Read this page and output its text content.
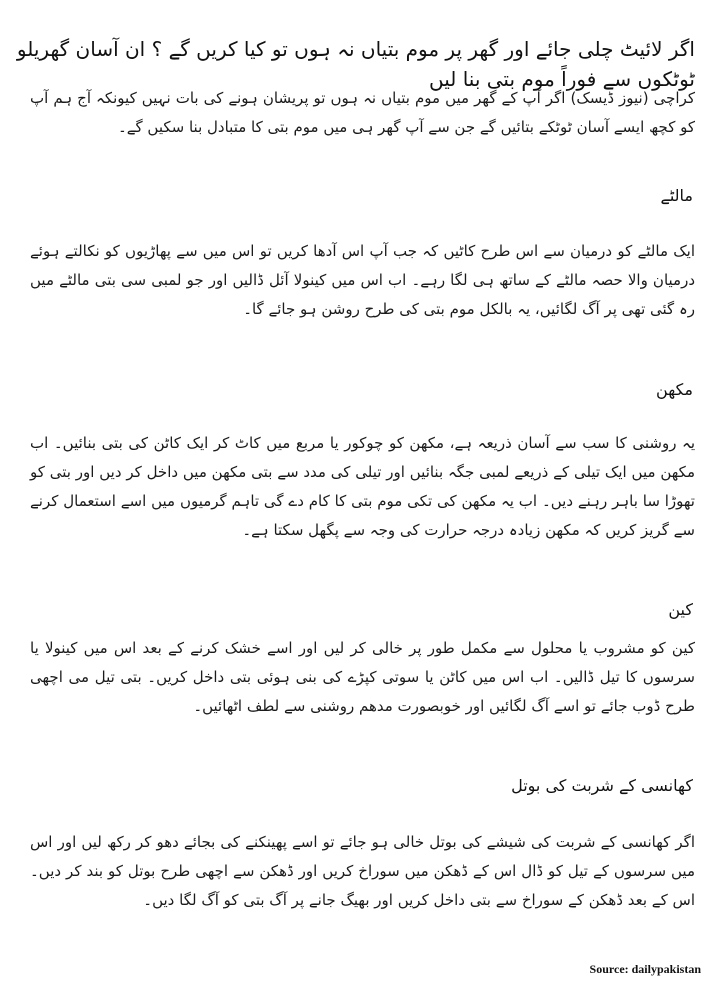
اگر لائیٹ چلی جائے اور گھر پر موم بتیاں نہ ہوں تو کیا کریں گے ؟ ان آسان گھریلو ٹوٹکوں سے فوراً موم بتی بنا لیں

کراچی (نیوز ڈیسک) اگر آپ کے گھر میں موم بتیاں نہ ہوں تو پریشان ہونے کی بات نہیں کیونکہ آج ہم آپ کو کچھ ایسے آسان ٹوٹکے بتائیں گے جن سے آپ گھر ہی میں موم بتی کا متبادل بنا سکیں گے۔

مالٹے

ایک مالٹے کو درمیان سے اس طرح کاٹیں کہ جب آپ اس آدھا کریں تو اس میں سے پھاڑیوں کو نکالتے ہوئے درمیان والا حصہ مالٹے کے ساتھ ہی لگا رہے۔ اب اس میں کینولا آئل ڈالیں اور جو لمبی سی بتی مالٹے میں رہ گئی تھی پر آگ لگائیں، یہ بالکل موم بتی کی طرح روشن ہو جائے گا۔

مکھن

یہ روشنی کا سب سے آسان ذریعہ ہے، مکھن کو چوکور یا مربع میں کاٹ کر ایک کاٹن کی بتی بنائیں۔ اب مکھن میں ایک تیلی کے ذریعے لمبی جگہ بنائیں اور تیلی کی مدد سے بتی مکھن میں داخل کر دیں اور بتی کو تھوڑا سا باہر رہنے دیں۔ اب یہ مکھن کی تکی موم بتی کا کام دے گی تاہم گرمیوں میں اسے استعمال کرنے سے گریز کریں کہ مکھن زیادہ درجہ حرارت کی وجہ سے پگھل سکتا ہے۔

کین

کین کو مشروب یا محلول سے مکمل طور پر خالی کر لیں اور اسے خشک کرنے کے بعد اس میں کینولا یا سرسوں کا تیل ڈالیں۔ اب اس میں کاٹن یا سوتی کپڑے کی بنی ہوئی بتی داخل کریں۔ بتی تیل می اچھی طرح ڈوب جائے تو اسے آگ لگائیں اور خوبصورت مدھم روشنی سے لطف اٹھائیں۔

کھانسی کے شربت کی بوتل

اگر کھانسی کے شربت کی شیشے کی بوتل خالی ہو جائے تو اسے پھینکنے کی بجائے دھو کر رکھ لیں اور اس میں سرسوں کے تیل کو ڈال اس کے ڈھکن میں سوراخ کریں اور ڈھکن سے اچھی طرح بوتل کو بند کر دیں۔ اس کے بعد ڈھکن کے سوراخ سے بتی داخل کریں اور بھیگ جانے پر آگ بتی کو آگ لگا دیں۔

Source: dailypakistan
